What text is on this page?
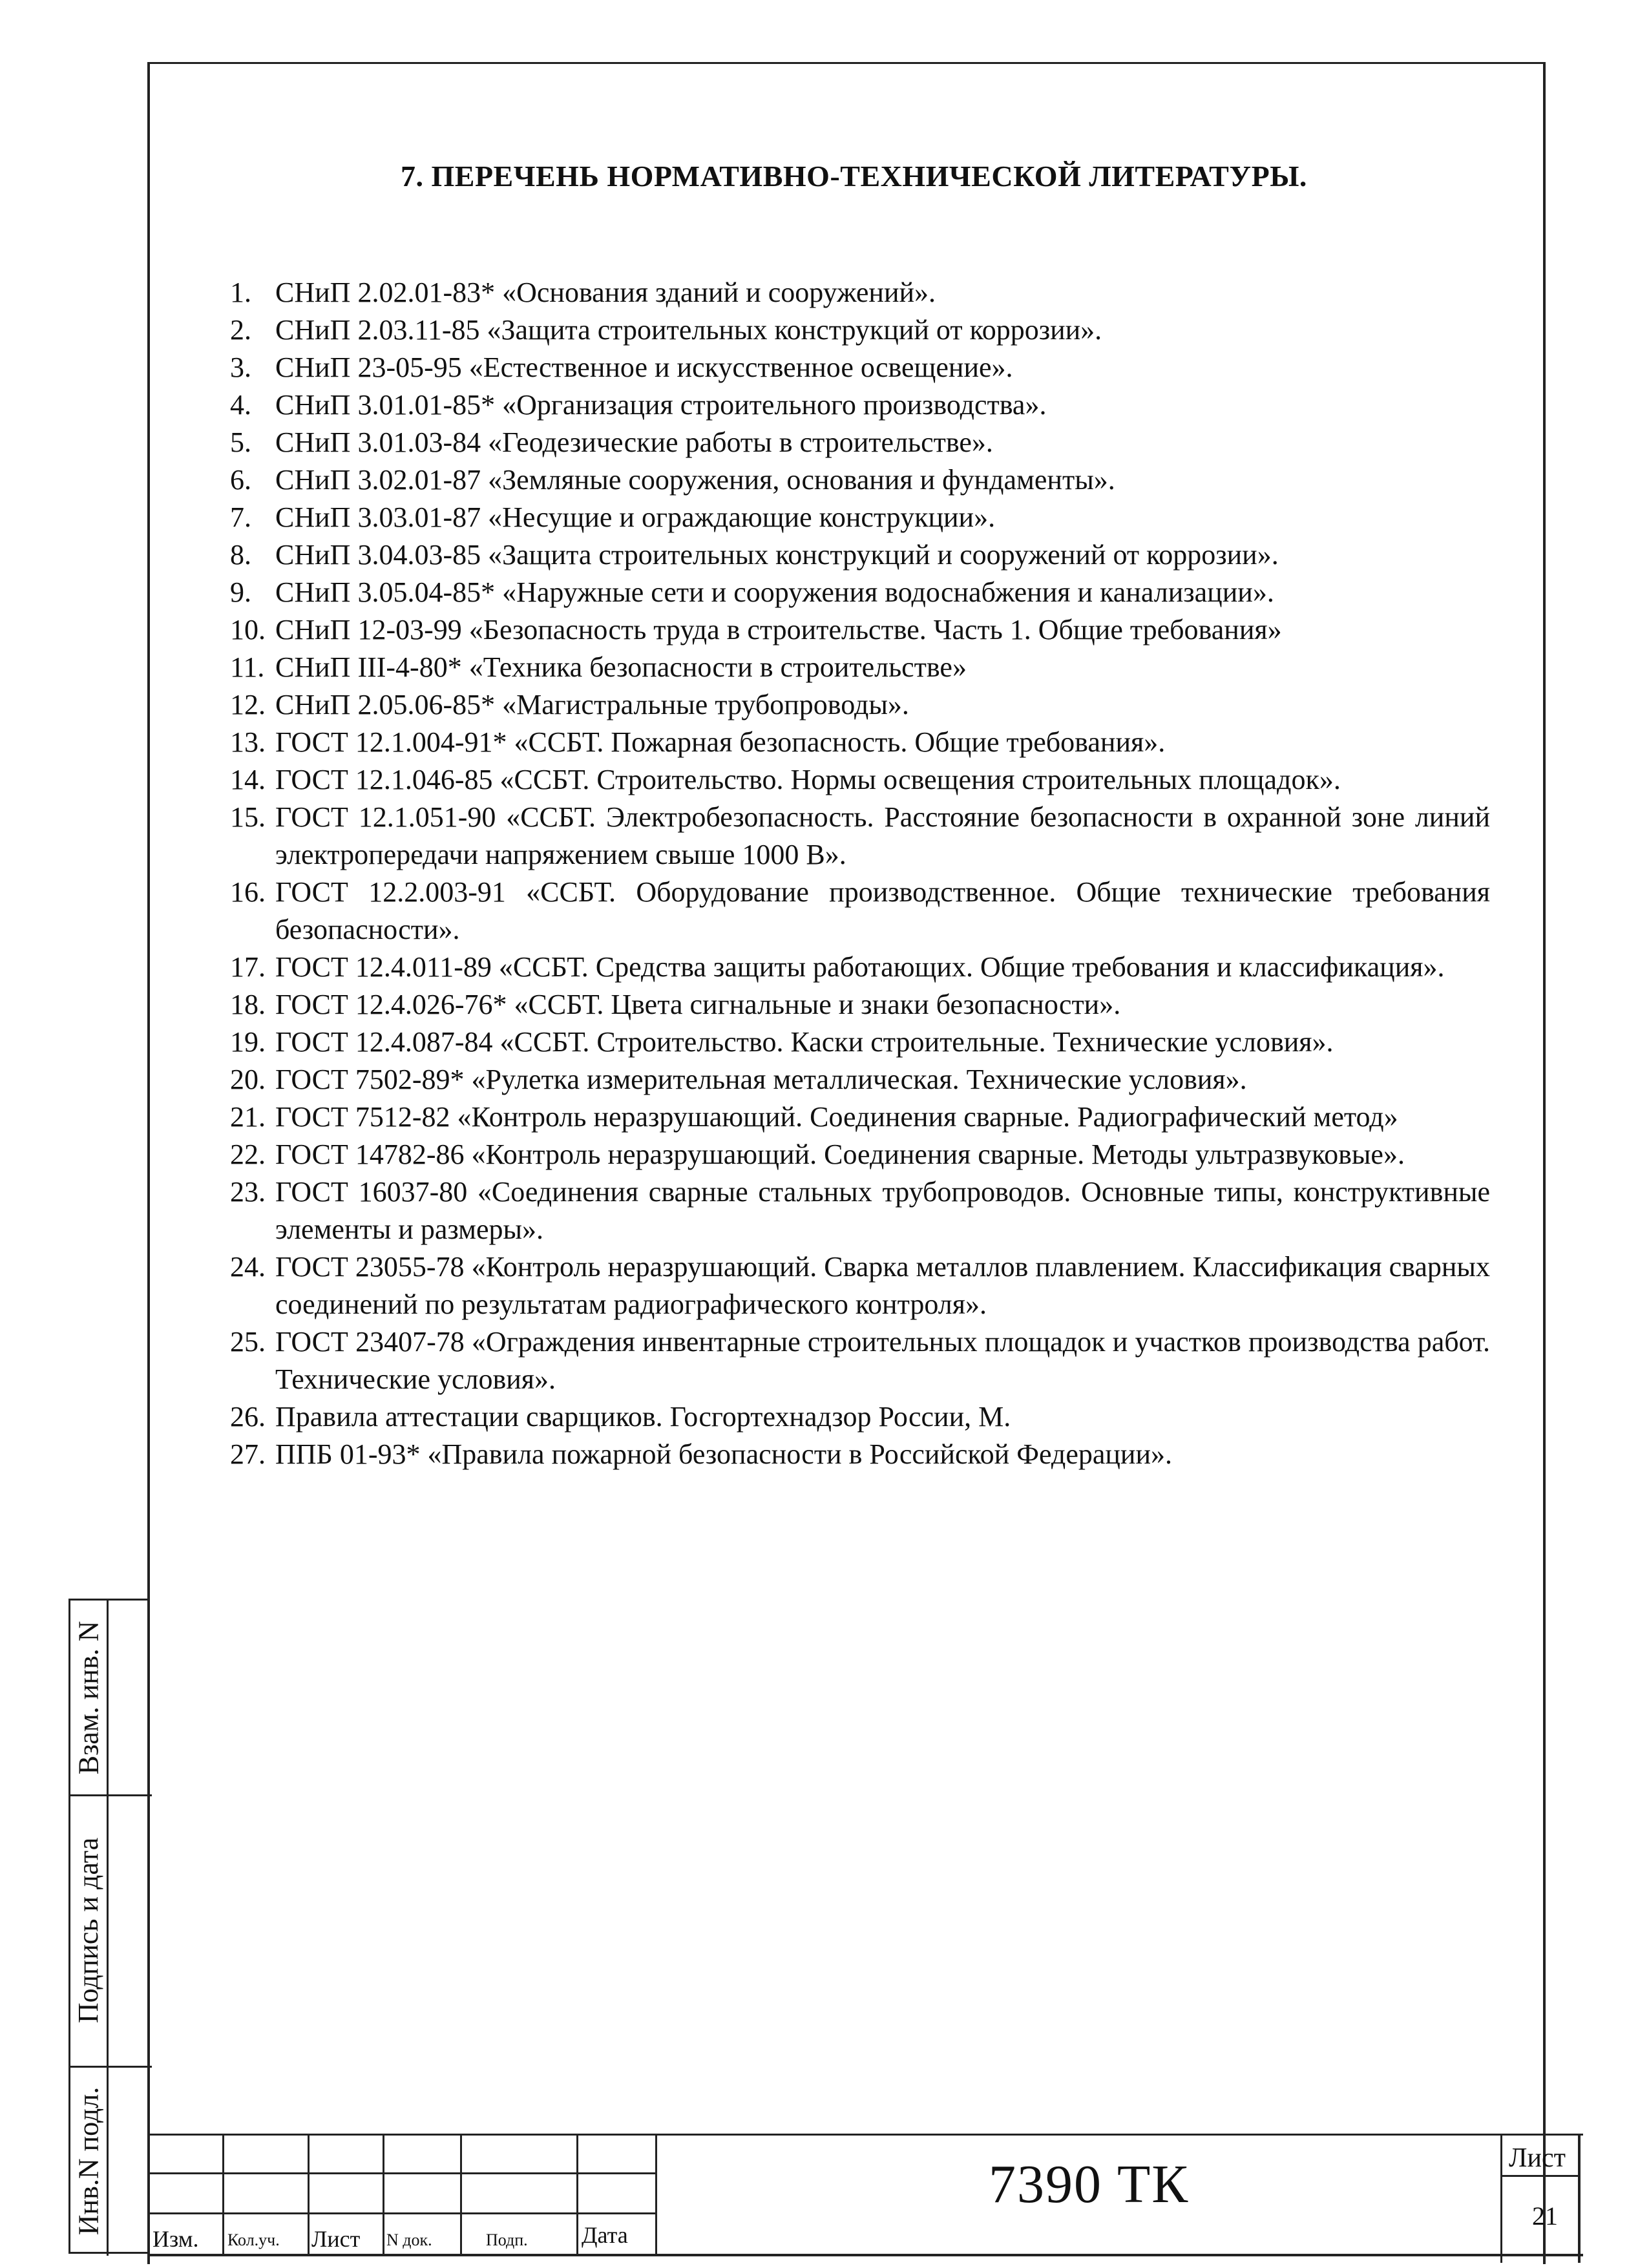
7. ПЕРЕЧЕНЬ НОРМАТИВНО-ТЕХНИЧЕСКОЙ ЛИТЕРАТУРЫ.
1. СНиП 2.02.01-83* «Основания зданий и сооружений».
2. СНиП 2.03.11-85 «Защита строительных конструкций от коррозии».
3. СНиП 23-05-95 «Естественное и искусственное освещение».
4. СНиП 3.01.01-85* «Организация строительного производства».
5. СНиП 3.01.03-84 «Геодезические работы в строительстве».
6. СНиП 3.02.01-87 «Земляные сооружения, основания и фундаменты».
7. СНиП 3.03.01-87 «Несущие и ограждающие конструкции».
8. СНиП 3.04.03-85 «Защита строительных конструкций и сооружений от коррозии».
9. СНиП 3.05.04-85* «Наружные сети и сооружения водоснабжения и канализации».
10. СНиП 12-03-99 «Безопасность труда в строительстве. Часть 1. Общие требования»
11. СНиП III-4-80* «Техника безопасности в строительстве»
12. СНиП 2.05.06-85* «Магистральные трубопроводы».
13. ГОСТ 12.1.004-91* «ССБТ. Пожарная безопасность. Общие требования».
14. ГОСТ 12.1.046-85 «ССБТ. Строительство. Нормы освещения строительных площадок».
15. ГОСТ 12.1.051-90 «ССБТ. Электробезопасность. Расстояние безопасности в охранной зоне линий электропередачи напряжением свыше 1000 В».
16. ГОСТ 12.2.003-91 «ССБТ. Оборудование производственное. Общие технические требования безопасности».
17. ГОСТ 12.4.011-89 «ССБТ. Средства защиты работающих. Общие требования и классификация».
18. ГОСТ 12.4.026-76* «ССБТ. Цвета сигнальные и знаки безопасности».
19. ГОСТ 12.4.087-84 «ССБТ. Строительство. Каски строительные. Технические условия».
20. ГОСТ 7502-89* «Рулетка измерительная металлическая. Технические условия».
21. ГОСТ 7512-82 «Контроль неразрушающий. Соединения сварные. Радиографический метод»
22. ГОСТ 14782-86 «Контроль неразрушающий. Соединения сварные. Методы ультразвуковые».
23. ГОСТ 16037-80 «Соединения сварные стальных трубопроводов. Основные типы, конструктивные элементы и размеры».
24. ГОСТ 23055-78 «Контроль неразрушающий. Сварка металлов плавлением. Классификация сварных соединений по результатам радиографического контроля».
25. ГОСТ 23407-78 «Ограждения инвентарные строительных площадок и участков производства работ. Технические условия».
26. Правила аттестации сварщиков. Госгортехнадзор России, М.
27. ППБ 01-93* «Правила пожарной безопасности в Российской Федерации».
Взам. инв. N
Подпись и дата
Инв.N подл.
Изм. Кол.уч. Лист N док.	Подп. Дата
7390 ТК	Лист
21
